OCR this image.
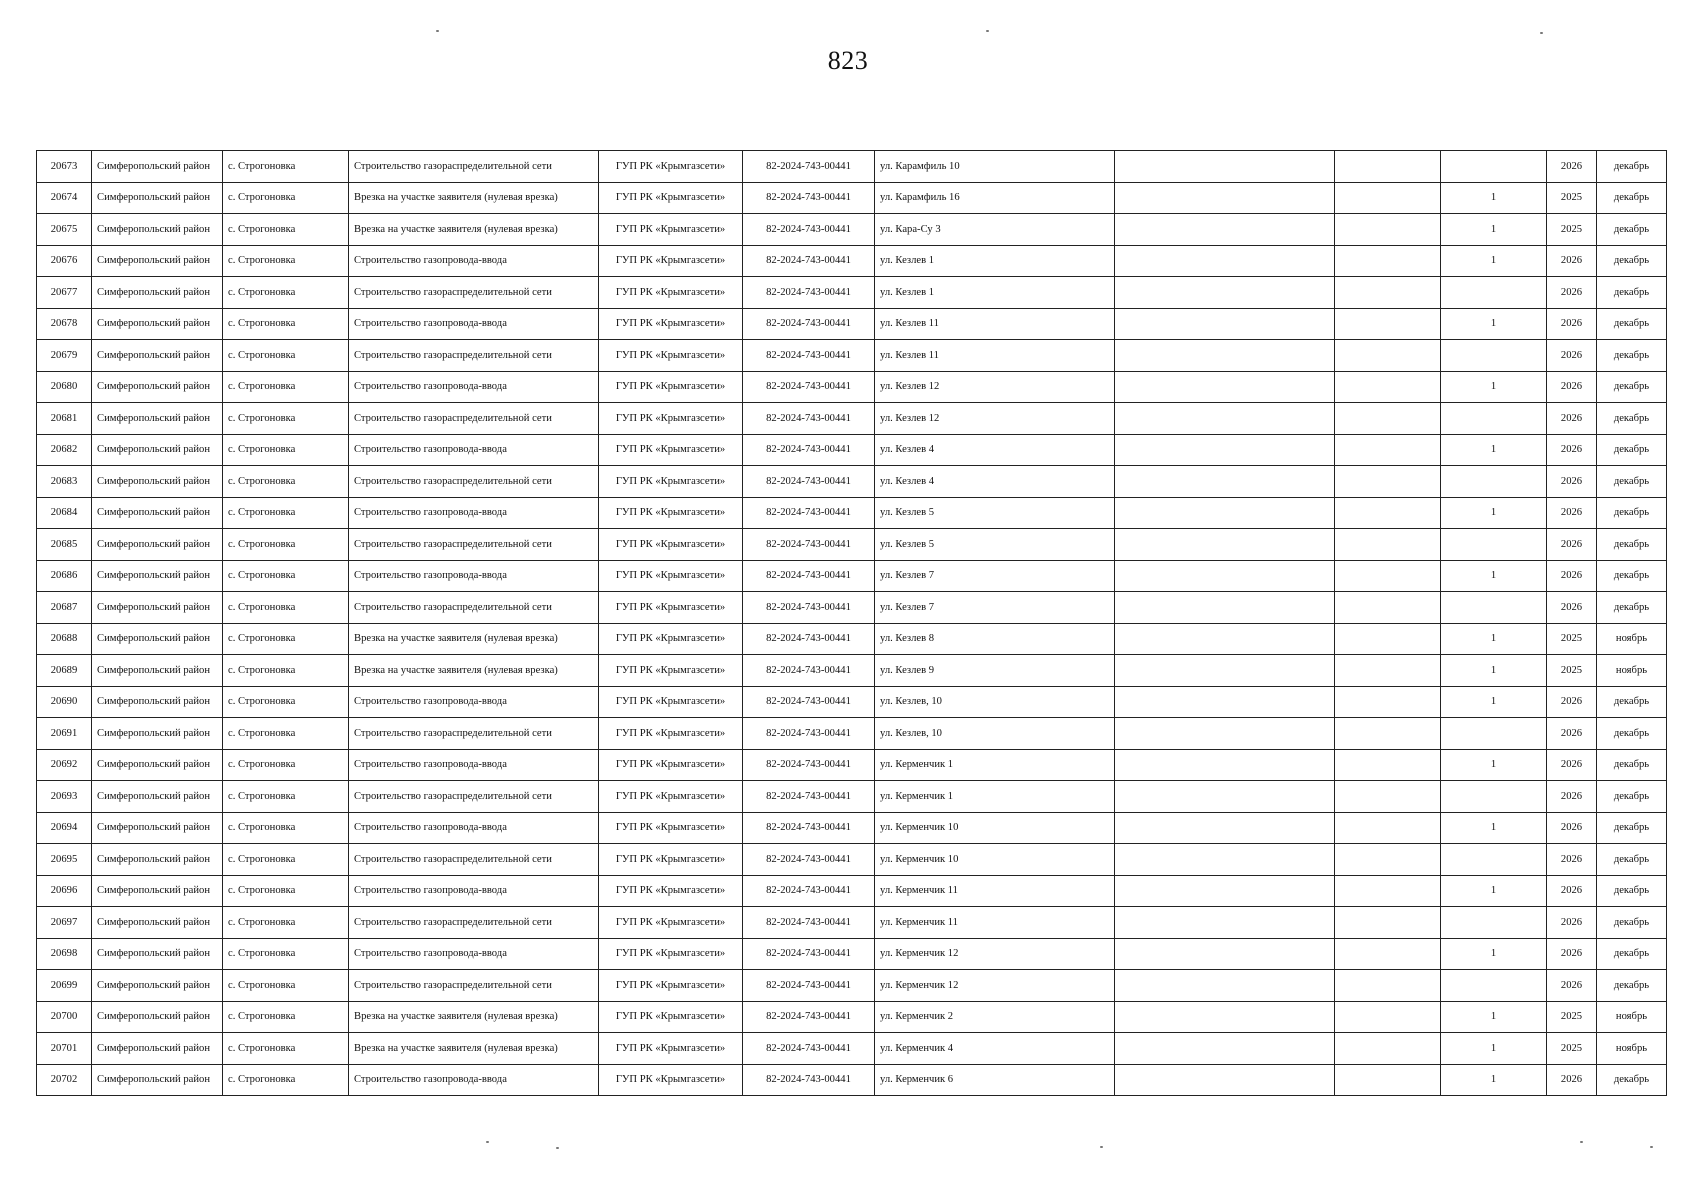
823
20673	Симферопольский район	с. Строгоновка	Строительство газораспределительной сети	ГУП РК «Крымгазсети»	82-2024-743-00441	ул. Карамфиль 10				2026	декабрь
20674	Симферопольский район	с. Строгоновка	Врезка на участке заявителя (нулевая врезка)	ГУП РК «Крымгазсети»	82-2024-743-00441	ул. Карамфиль 16			1	2025	декабрь
20675	Симферопольский район	с. Строгоновка	Врезка на участке заявителя (нулевая врезка)	ГУП РК «Крымгазсети»	82-2024-743-00441	ул. Кара-Су 3			1	2025	декабрь
20676	Симферопольский район	с. Строгоновка	Строительство газопровода-ввода	ГУП РК «Крымгазсети»	82-2024-743-00441	ул. Кезлев 1			1	2026	декабрь
20677	Симферопольский район	с. Строгоновка	Строительство газораспределительной сети	ГУП РК «Крымгазсети»	82-2024-743-00441	ул. Кезлев 1				2026	декабрь
20678	Симферопольский район	с. Строгоновка	Строительство газопровода-ввода	ГУП РК «Крымгазсети»	82-2024-743-00441	ул. Кезлев 11			1	2026	декабрь
20679	Симферопольский район	с. Строгоновка	Строительство газораспределительной сети	ГУП РК «Крымгазсети»	82-2024-743-00441	ул. Кезлев 11				2026	декабрь
20680	Симферопольский район	с. Строгоновка	Строительство газопровода-ввода	ГУП РК «Крымгазсети»	82-2024-743-00441	ул. Кезлев 12			1	2026	декабрь
20681	Симферопольский район	с. Строгоновка	Строительство газораспределительной сети	ГУП РК «Крымгазсети»	82-2024-743-00441	ул. Кезлев 12				2026	декабрь
20682	Симферопольский район	с. Строгоновка	Строительство газопровода-ввода	ГУП РК «Крымгазсети»	82-2024-743-00441	ул. Кезлев 4			1	2026	декабрь
20683	Симферопольский район	с. Строгоновка	Строительство газораспределительной сети	ГУП РК «Крымгазсети»	82-2024-743-00441	ул. Кезлев 4				2026	декабрь
20684	Симферопольский район	с. Строгоновка	Строительство газопровода-ввода	ГУП РК «Крымгазсети»	82-2024-743-00441	ул. Кезлев 5			1	2026	декабрь
20685	Симферопольский район	с. Строгоновка	Строительство газораспределительной сети	ГУП РК «Крымгазсети»	82-2024-743-00441	ул. Кезлев 5				2026	декабрь
20686	Симферопольский район	с. Строгоновка	Строительство газопровода-ввода	ГУП РК «Крымгазсети»	82-2024-743-00441	ул. Кезлев 7			1	2026	декабрь
20687	Симферопольский район	с. Строгоновка	Строительство газораспределительной сети	ГУП РК «Крымгазсети»	82-2024-743-00441	ул. Кезлев 7				2026	декабрь
20688	Симферопольский район	с. Строгоновка	Врезка на участке заявителя (нулевая врезка)	ГУП РК «Крымгазсети»	82-2024-743-00441	ул. Кезлев 8			1	2025	ноябрь
20689	Симферопольский район	с. Строгоновка	Врезка на участке заявителя (нулевая врезка)	ГУП РК «Крымгазсети»	82-2024-743-00441	ул. Кезлев 9			1	2025	ноябрь
20690	Симферопольский район	с. Строгоновка	Строительство газопровода-ввода	ГУП РК «Крымгазсети»	82-2024-743-00441	ул. Кезлев, 10			1	2026	декабрь
20691	Симферопольский район	с. Строгоновка	Строительство газораспределительной сети	ГУП РК «Крымгазсети»	82-2024-743-00441	ул. Кезлев, 10				2026	декабрь
20692	Симферопольский район	с. Строгоновка	Строительство газопровода-ввода	ГУП РК «Крымгазсети»	82-2024-743-00441	ул. Керменчик 1			1	2026	декабрь
20693	Симферопольский район	с. Строгоновка	Строительство газораспределительной сети	ГУП РК «Крымгазсети»	82-2024-743-00441	ул. Керменчик 1				2026	декабрь
20694	Симферопольский район	с. Строгоновка	Строительство газопровода-ввода	ГУП РК «Крымгазсети»	82-2024-743-00441	ул. Керменчик 10			1	2026	декабрь
20695	Симферопольский район	с. Строгоновка	Строительство газораспределительной сети	ГУП РК «Крымгазсети»	82-2024-743-00441	ул. Керменчик 10				2026	декабрь
20696	Симферопольский район	с. Строгоновка	Строительство газопровода-ввода	ГУП РК «Крымгазсети»	82-2024-743-00441	ул. Керменчик 11			1	2026	декабрь
20697	Симферопольский район	с. Строгоновка	Строительство газораспределительной сети	ГУП РК «Крымгазсети»	82-2024-743-00441	ул. Керменчик 11				2026	декабрь
20698	Симферопольский район	с. Строгоновка	Строительство газопровода-ввода	ГУП РК «Крымгазсети»	82-2024-743-00441	ул. Керменчик 12			1	2026	декабрь
20699	Симферопольский район	с. Строгоновка	Строительство газораспределительной сети	ГУП РК «Крымгазсети»	82-2024-743-00441	ул. Керменчик 12				2026	декабрь
20700	Симферопольский район	с. Строгоновка	Врезка на участке заявителя (нулевая врезка)	ГУП РК «Крымгазсети»	82-2024-743-00441	ул. Керменчик 2			1	2025	ноябрь
20701	Симферопольский район	с. Строгоновка	Врезка на участке заявителя (нулевая врезка)	ГУП РК «Крымгазсети»	82-2024-743-00441	ул. Керменчик 4			1	2025	ноябрь
20702	Симферопольский район	с. Строгоновка	Строительство газопровода-ввода	ГУП РК «Крымгазсети»	82-2024-743-00441	ул. Керменчик 6			1	2026	декабрь
